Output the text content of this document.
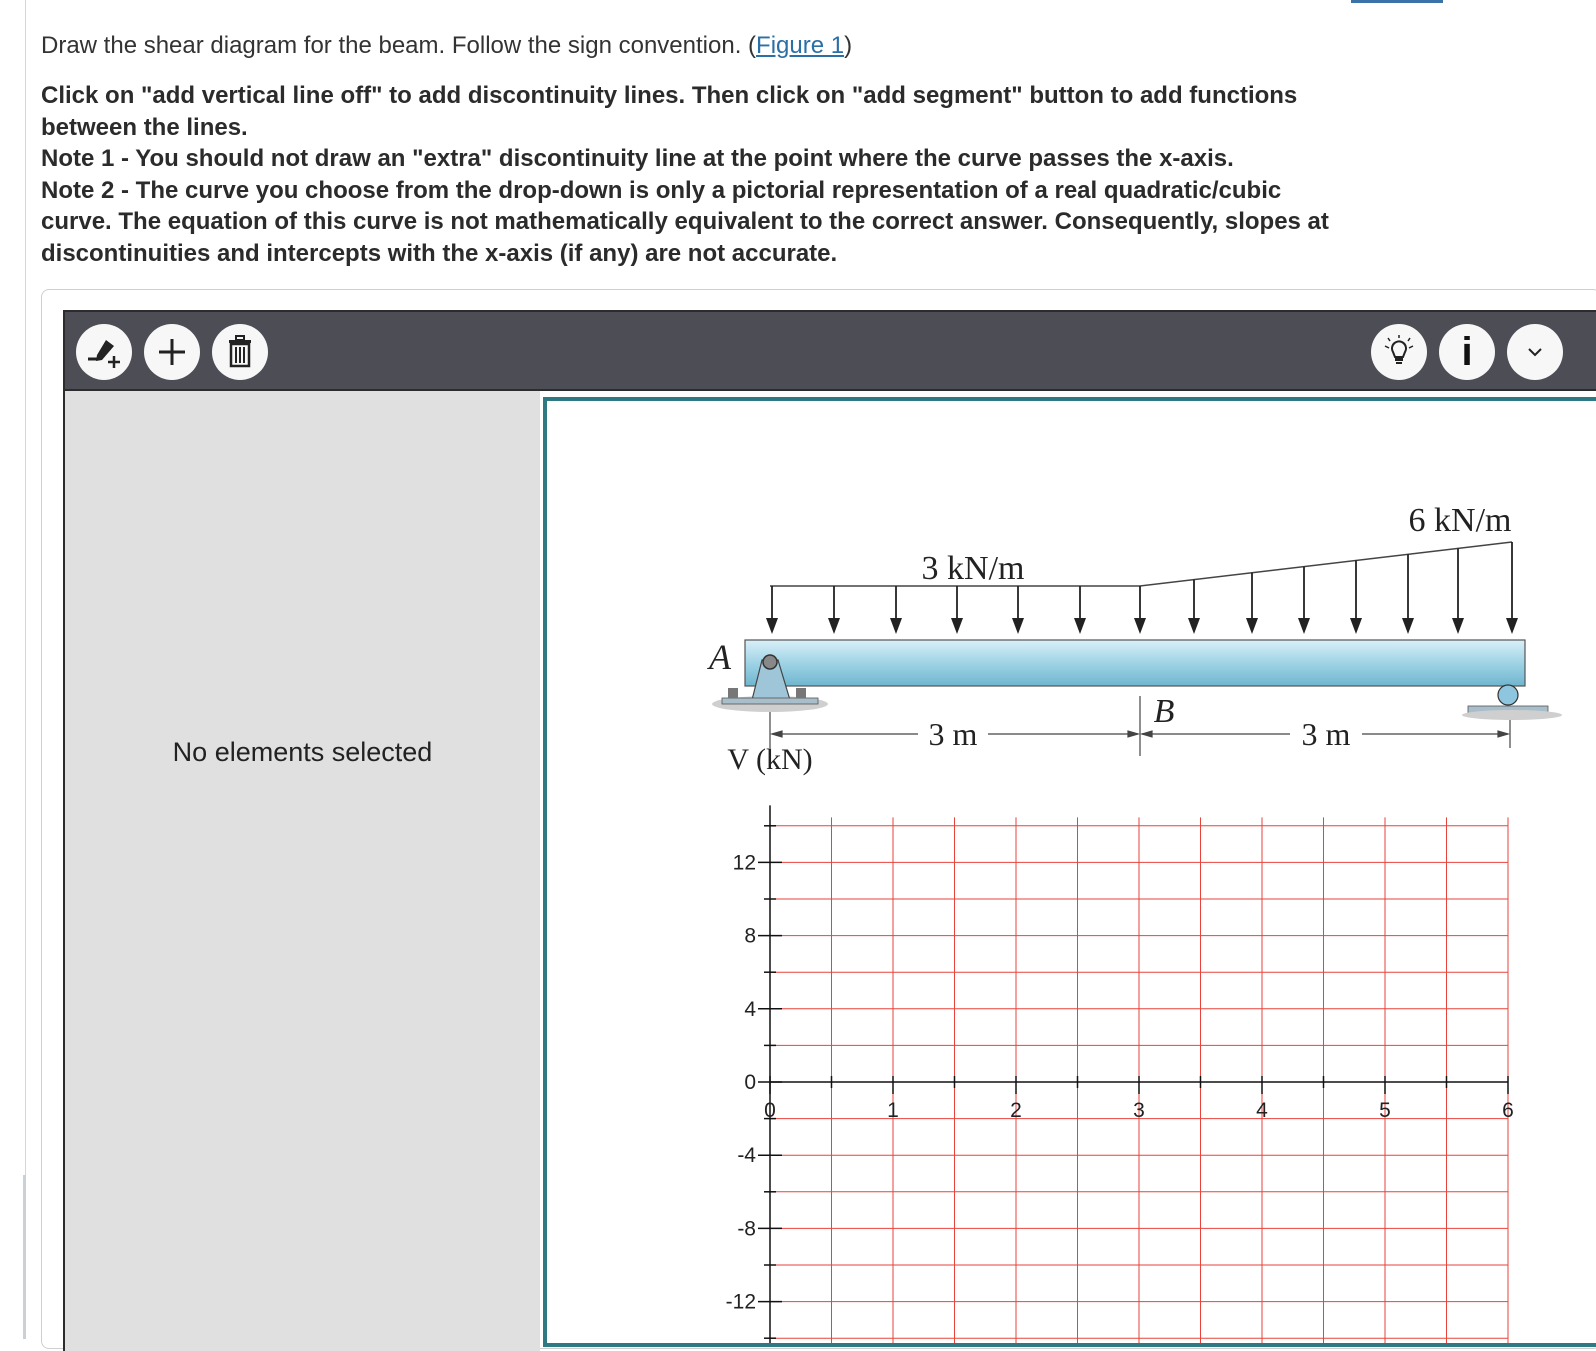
Draw the shear diagram for the beam. Follow the sign convention. (Figure 1)
Click on "add vertical line off" to add discontinuity lines. Then click on "add segment" button to add functions between the lines.
Note 1 - You should not draw an "extra" discontinuity line at the point where the curve passes the x-axis.
Note 2 - The curve you choose from the drop-down is only a pictorial representation of a real quadratic/cubic curve. The equation of this curve is not mathematically equivalent to the correct answer. Consequently, slopes at discontinuities and intercepts with the x-axis (if any) are not accurate.
i
No elements selected
3 kN/m
6 kN/m
A
B
3 m	3 m
V (kN)
12
8
4
0
-4
-8
-12
0	1	2	3	4	5	6
